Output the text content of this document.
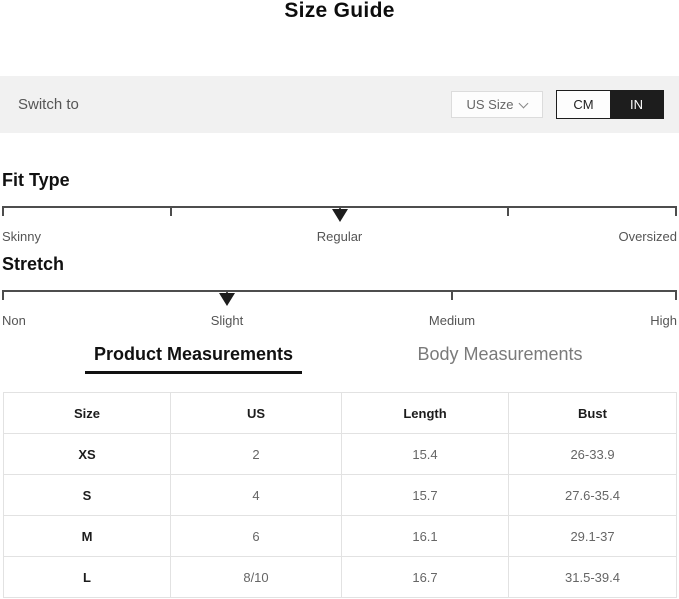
Size Guide
Switch to	US Size	CM	IN
Fit Type
Skinny	Regular	Oversized
Stretch
Non	Slight	Medium	High
Product Measurements	Body Measurements
Size	US	Length	Bust
XS	2	15.4	26-33.9
S	4	15.7	27.6-35.4
M	6	16.1	29.1-37
L	8/10	16.7	31.5-39.4
